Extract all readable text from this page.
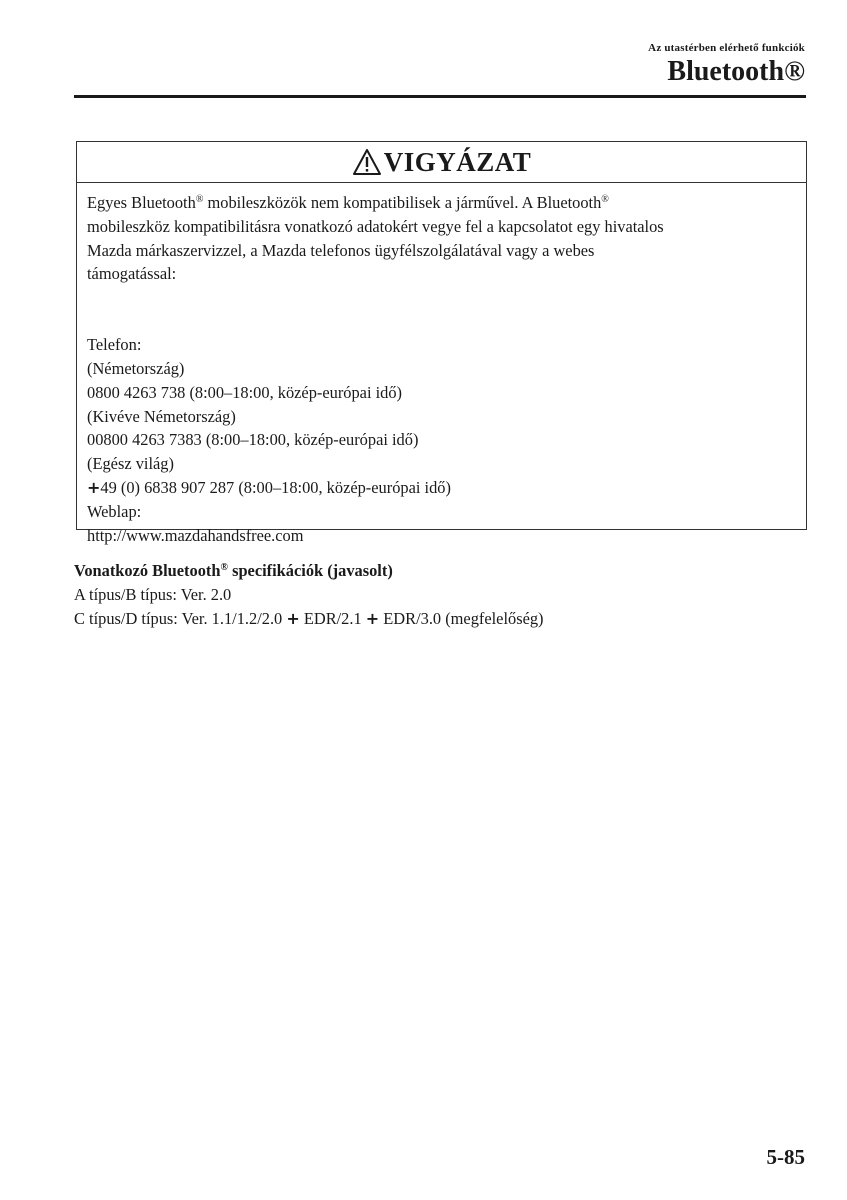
Az utastérben elérhető funkciók
Bluetooth®
VIGYÁZAT

Egyes Bluetooth® mobileszközök nem kompatibilisek a járművel. A Bluetooth®
mobileszköz kompatibilitásra vonatkozó adatokért vegye fel a kapcsolatot egy hivatalos
Mazda márkaszervizzel, a Mazda telefonos ügyfélszolgálatával vagy a webes
támogatással:

Telefon:
(Németország)
0800 4263 738 (8:00–18:00, közép-európai idő)
(Kivéve Németország)
00800 4263 7383 (8:00–18:00, közép-európai idő)
(Egész világ)
+49 (0) 6838 907 287 (8:00–18:00, közép-európai idő)
Weblap:
http://www.mazdahandsfree.com
Vonatkozó Bluetooth® specifikációk (javasolt)
A típus/B típus: Ver. 2.0
C típus/D típus: Ver. 1.1/1.2/2.0 + EDR/2.1 + EDR/3.0 (megfelelőség)
5-85
